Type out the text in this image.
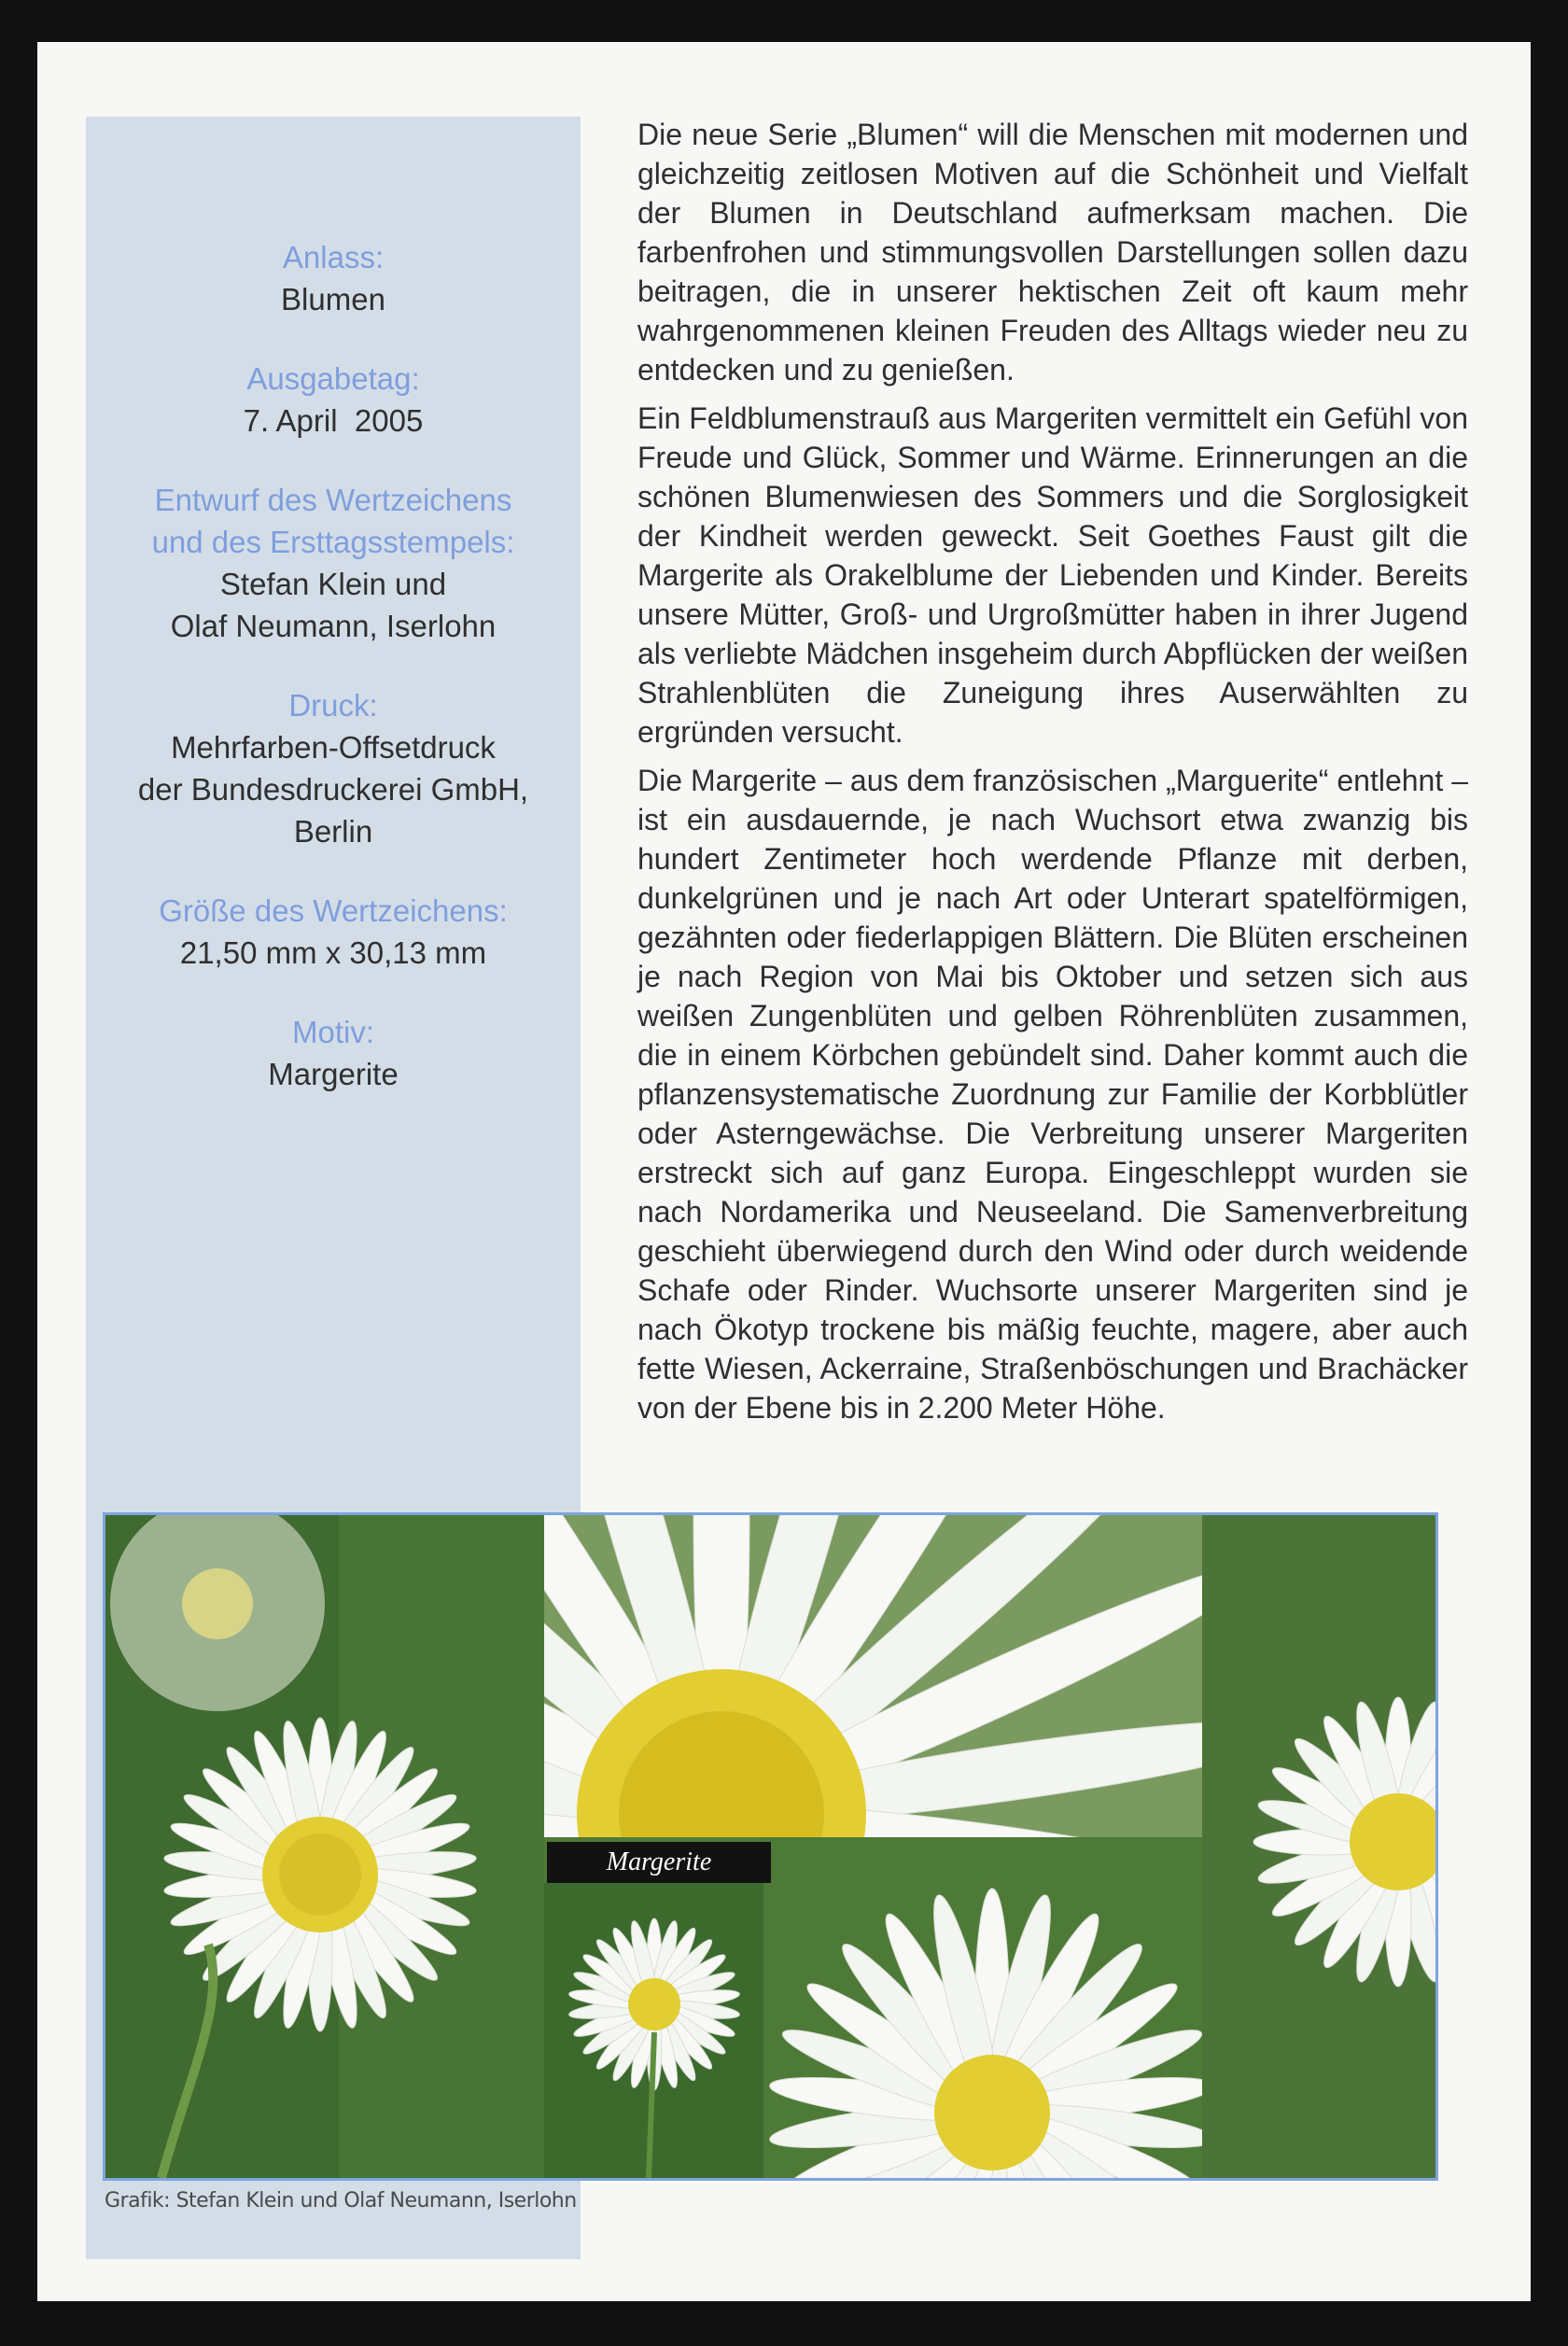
Anlass:
Blumen
Ausgabetag:
7. April  2005
Entwurf des Wertzeichens
und des Ersttagsstempels:
Stefan Klein und
Olaf Neumann, Iserlohn
Druck:
Mehrfarben-Offsetdruck
der Bundesdruckerei GmbH,
Berlin
Größe des Wertzeichens:
21,50 mm x 30,13 mm
Motiv:
Margerite

Die neue Serie „Blumen“ will die Menschen mit modernen und gleichzeitig zeitlosen Motiven auf die Schönheit und Vielfalt der Blumen in Deutschland aufmerksam machen. Die farbenfrohen und stimmungsvollen Darstellungen sollen dazu beitragen, die in unserer hektischen Zeit oft kaum mehr wahrgenommenen kleinen Freuden des Alltags wieder neu zu entdecken und zu genießen.

Ein Feldblumenstrauß aus Margeriten vermittelt ein Gefühl von Freude und Glück, Sommer und Wärme. Erinnerungen an die schönen Blumenwiesen des Sommers und die Sorglosigkeit der Kindheit werden geweckt. Seit Goethes Faust gilt die Margerite als Orakelblume der Liebenden und Kinder. Bereits unsere Mütter, Groß- und Urgroßmütter haben in ihrer Jugend als verliebte Mädchen insgeheim durch Abpflücken der weißen Strahlenblüten die Zuneigung ihres Auserwählten zu ergründen versucht.

Die Margerite – aus dem französischen „Marguerite“ entlehnt – ist ein ausdauernde, je nach Wuchsort etwa zwanzig bis hundert Zentimeter hoch werdende Pflanze mit derben, dunkelgrünen und je nach Art oder Unterart spatelförmigen, gezähnten oder fiederlappigen Blättern. Die Blüten erscheinen je nach Region von Mai bis Oktober und setzen sich aus weißen Zungenblüten und gelben Röhrenblüten zusammen, die in einem Körbchen gebündelt sind. Daher kommt auch die pflanzensystematische Zuordnung zur Familie der Korbblütler oder Asterngewächse. Die Verbreitung unserer Margeriten erstreckt sich auf ganz Europa. Eingeschleppt wurden sie nach Nordamerika und Neuseeland. Die Samenverbreitung geschieht überwiegend durch den Wind oder durch weidende Schafe oder Rinder. Wuchsorte unserer Margeriten sind je nach Ökotyp trockene bis mäßig feuchte, magere, aber auch fette Wiesen, Ackerraine, Straßenböschungen und Brachäcker von der Ebene bis in 2.200 Meter Höhe.

Margerite
Grafik: Stefan Klein und Olaf Neumann, Iserlohn
